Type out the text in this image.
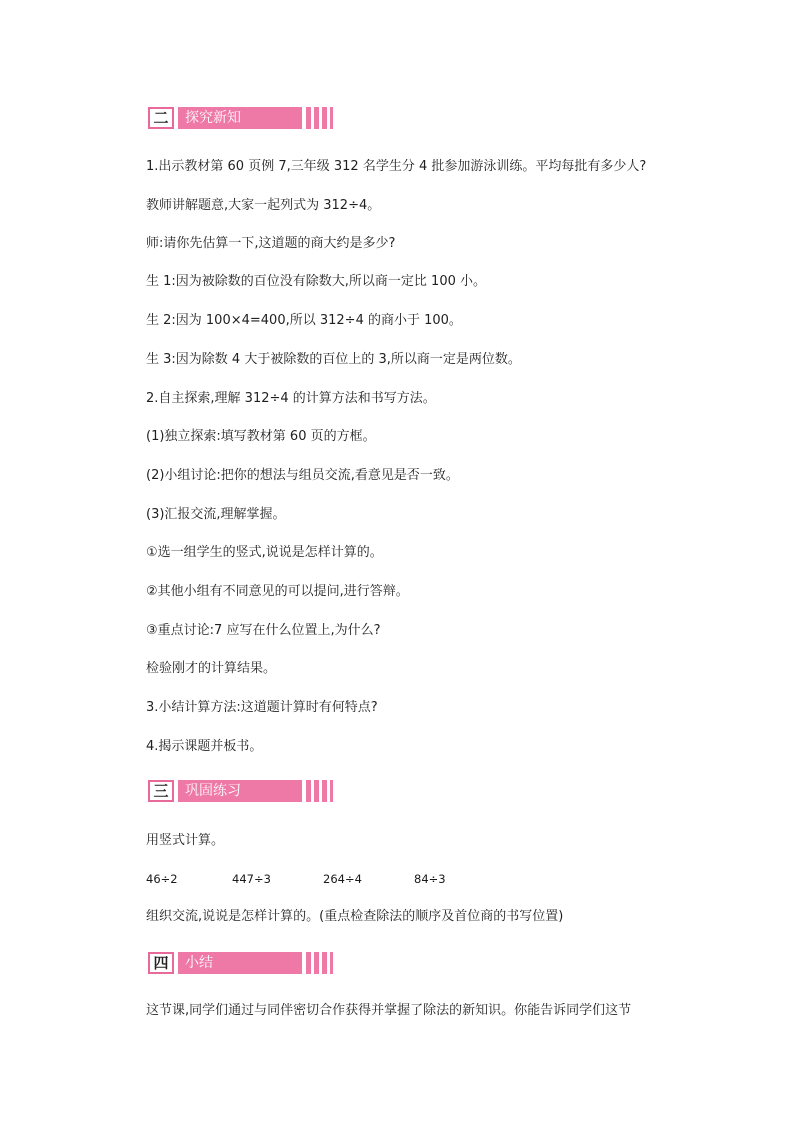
二	探究新知
1.出示教材第 60 页例 7,三年级 312 名学生分 4 批参加游泳训练。平均每批有多少人?
教师讲解题意,大家一起列式为 312÷4。
师:请你先估算一下,这道题的商大约是多少?
生 1:因为被除数的百位没有除数大,所以商一定比 100 小。
生 2:因为 100×4=400,所以 312÷4 的商小于 100。
生 3:因为除数 4 大于被除数的百位上的 3,所以商一定是两位数。
2.自主探索,理解 312÷4 的计算方法和书写方法。
(1)独立探索:填写教材第 60 页的方框。
(2)小组讨论:把你的想法与组员交流,看意见是否一致。
(3)汇报交流,理解掌握。
①选一组学生的竖式,说说是怎样计算的。
②其他小组有不同意见的可以提问,进行答辩。
③重点讨论:7 应写在什么位置上,为什么?
检验刚才的计算结果。
3.小结计算方法:这道题计算时有何特点?
4.揭示课题并板书。
三	巩固练习
用竖式计算。
46÷2	447÷3	264÷4	84÷3
组织交流,说说是怎样计算的。(重点检查除法的顺序及首位商的书写位置)
四	小结
这节课,同学们通过与同伴密切合作获得并掌握了除法的新知识。你能告诉同学们这节
